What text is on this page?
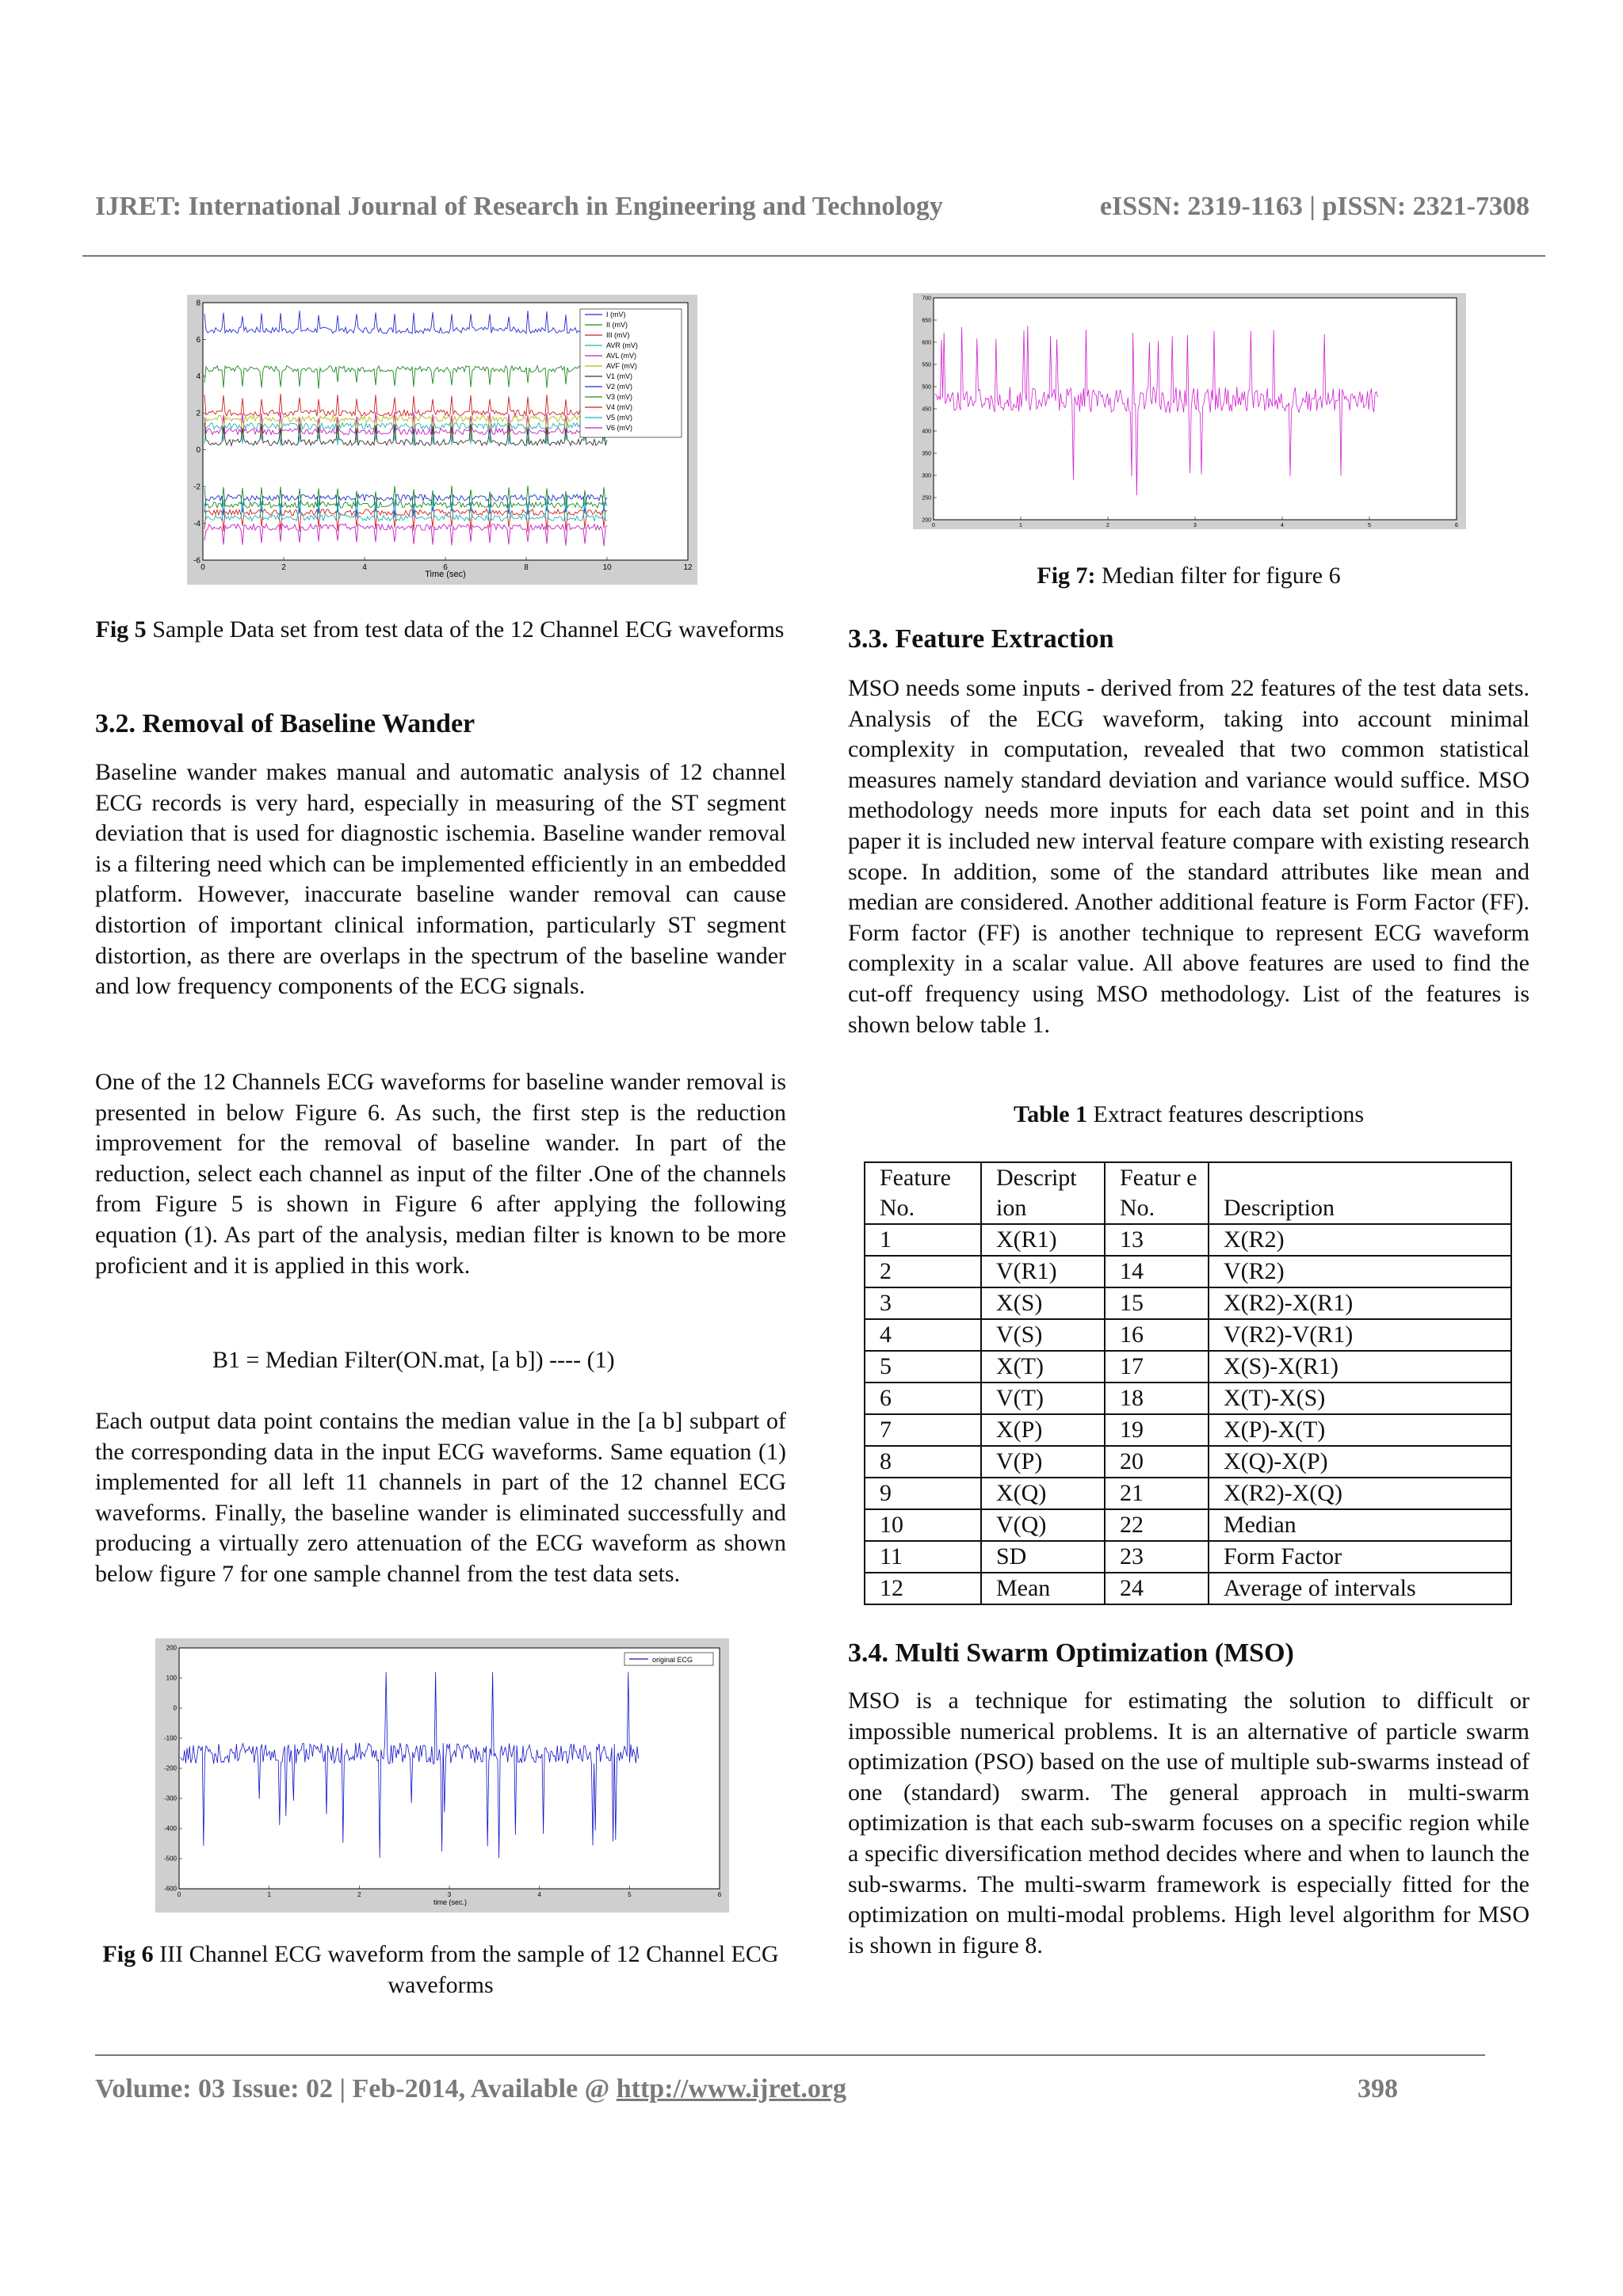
IJRET: International Journal of Research in Engineering and Technology	eISSN: 2319-1163 | pISSN: 2321-7308
Time (sec)
0	2	4	6	8	10	12
8
6
4
2
0
-2
-4
-6
I (mV)
II (mV)
III (mV)
AVR (mV)
AVL (mV)
AVF (mV)
V1 (mV)
V2 (mV)
V3 (mV)
V4 (mV)
V5 (mV)
V6 (mV)
Fig 5 Sample Data set from test data of the 12 Channel ECG waveforms
3.2. Removal of Baseline Wander
Baseline wander makes manual and automatic analysis of 12 channel ECG records is very hard, especially in measuring of the ST segment deviation that is used for diagnostic ischemia. Baseline wander removal is a filtering need which can be implemented efficiently in an embedded platform. However, inaccurate baseline wander removal can cause distortion of important clinical information, particularly ST segment distortion, as there are overlaps in the spectrum of the baseline wander and low frequency components of the ECG signals.
One of the 12 Channels ECG waveforms for baseline wander removal is presented in below Figure 6. As such, the first step is the reduction improvement for the removal of baseline wander. In part of the reduction, select each channel as input of the filter .One of the channels from Figure 5 is shown in Figure 6 after applying the following equation (1). As part of the analysis, median filter is known to be more proficient and it is applied in this work.
B1 = Median Filter(ON.mat, [a b]) ---- (1)
Each output data point contains the median value in the [a b] subpart of the corresponding data in the input ECG waveforms. Same equation (1) implemented for all left 11 channels in part of the 12 channel ECG waveforms. Finally, the baseline wander is eliminated successfully and producing a virtually zero attenuation of the ECG waveform as shown below figure 7 for one sample channel from the test data sets.
original ECG
time (sec.)
0	1	2	3	4	5	6
200
100
0
-100
-200
-300
-400
-500
-600
Fig 6 III Channel ECG waveform from the sample of 12 Channel ECG waveforms
0	1	2	3	4	5	6
700
650
600
550
500
450
400
350
300
250
200
Fig 7: Median filter for figure 6
3.3. Feature Extraction
MSO needs some inputs - derived from 22 features of the test data sets. Analysis of the ECG waveform, taking into account minimal complexity in computation, revealed that two common statistical measures namely standard deviation and variance would suffice. MSO methodology needs more inputs for each data set point and in this paper it is included new interval feature compare with existing research scope. In addition, some of the standard attributes like mean and median are considered. Another additional feature is Form Factor (FF). Form factor (FF) is another technique to represent ECG waveform complexity in a scalar value. All above features are used to find the cut-off frequency using MSO methodology. List of the features is shown below table 1.
Table 1 Extract features descriptions
Feature No.	Descript ion	Featur e No.	Description
1	X(R1)	13	X(R2)
2	V(R1)	14	V(R2)
3	X(S)	15	X(R2)-X(R1)
4	V(S)	16	V(R2)-V(R1)
5	X(T)	17	X(S)-X(R1)
6	V(T)	18	X(T)-X(S)
7	X(P)	19	X(P)-X(T)
8	V(P)	20	X(Q)-X(P)
9	X(Q)	21	X(R2)-X(Q)
10	V(Q)	22	Median
11	SD	23	Form Factor
12	Mean	24	Average of intervals
3.4. Multi Swarm Optimization (MSO)
MSO is a technique for estimating the solution to difficult or impossible numerical problems. It is an alternative of particle swarm optimization (PSO) based on the use of multiple sub-swarms instead of one (standard) swarm. The general approach in multi-swarm optimization is that each sub-swarm focuses on a specific region while a specific diversification method decides where and when to launch the sub-swarms. The multi-swarm framework is especially fitted for the optimization on multi-modal problems. High level algorithm for MSO is shown in figure 8.
Volume: 03 Issue: 02 | Feb-2014, Available @ http://www.ijret.org	398
